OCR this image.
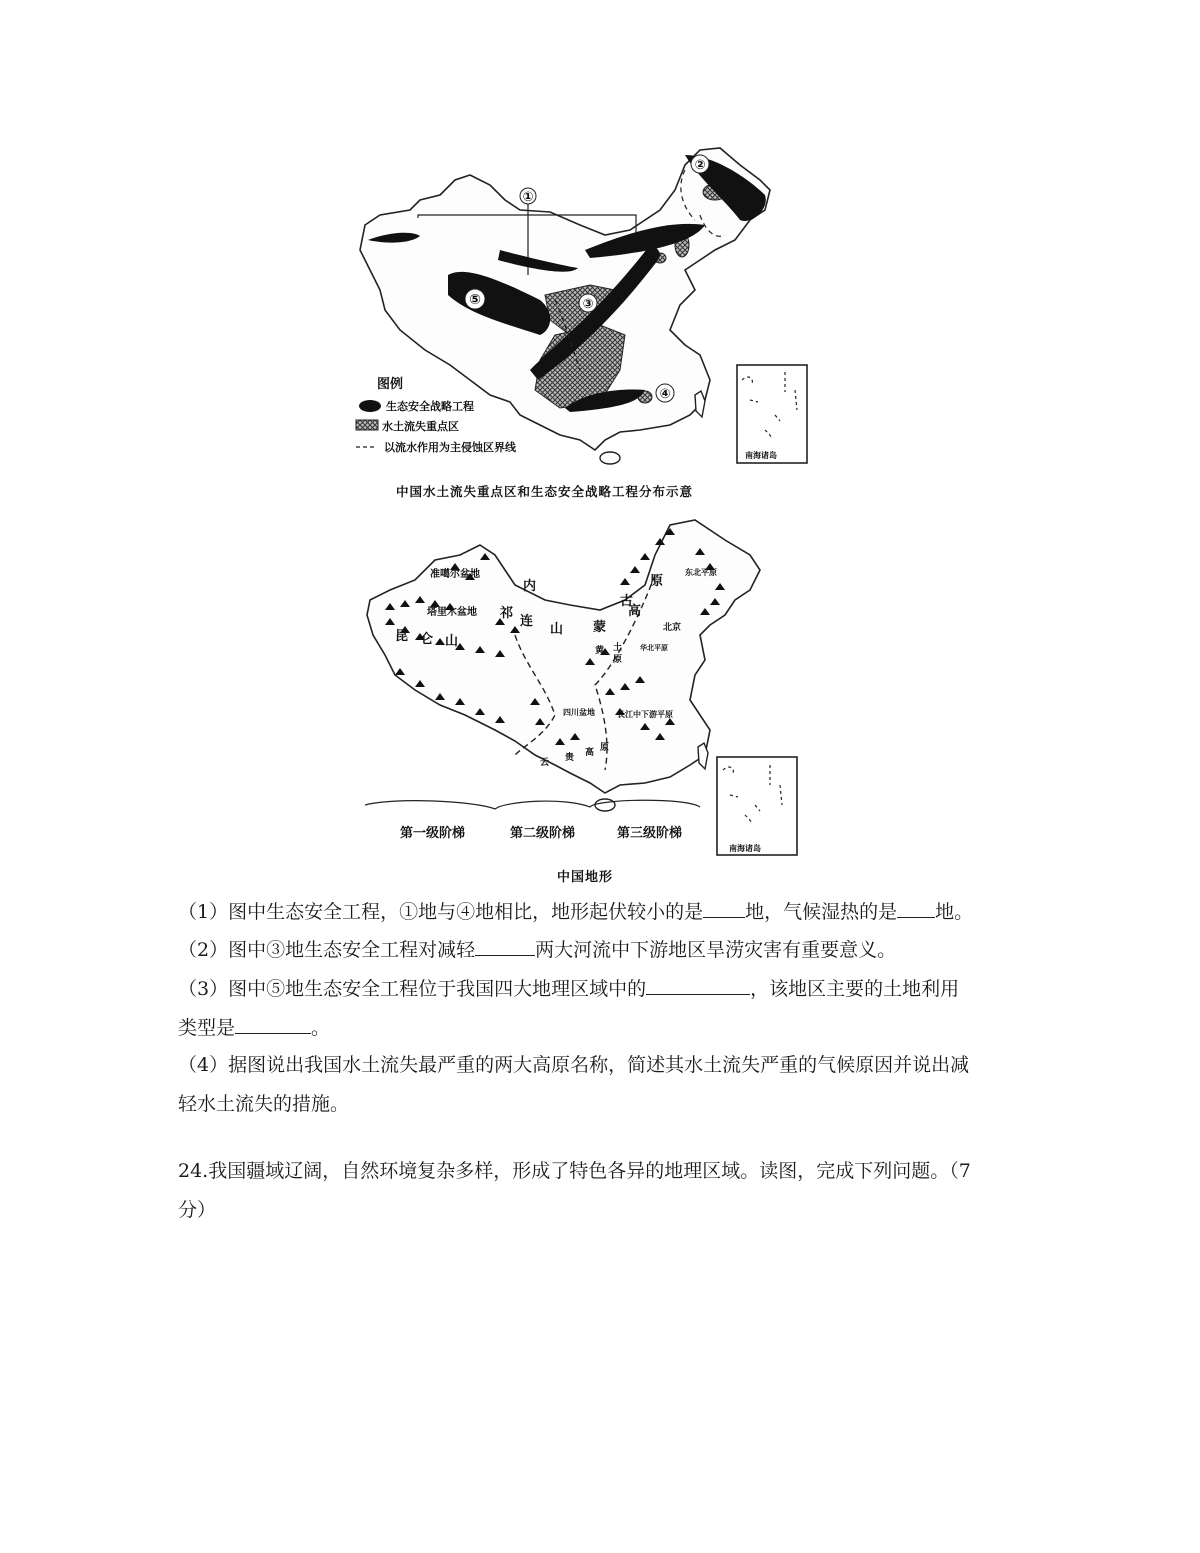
①
②
③
④
⑤
图例
生态安全战略工程
水土流失重点区
以流水作用为主侵蚀区界线
南海诸岛
中国水土流失重点区和生态安全战略工程分布示意
准噶尔盆地
塔里木盆地
昆 仑 山
祁
连
山
内
蒙
古
高
原
东北平原
北京
黄 土
原
华北平原
四川盆地	长江中下游平原
云 贵 高 原
第一级阶梯	第二级阶梯	第三级阶梯
南海诸岛
中国地形
（1）图中生态安全工程，①地与④地相比，地形起伏较小的是 地，气候湿热的是 地。
（2）图中③地生态安全工程对减轻	两大河流中下游地区旱涝灾害有重要意义。
（3）图中⑤地生态安全工程位于我国四大地理区域中的	，该地区主要的土地利用
类型是	。
（4）据图说出我国水土流失最严重的两大高原名称，简述其水土流失严重的气候原因并说出减
轻水土流失的措施。
24.我国疆域辽阔，自然环境复杂多样，形成了特色各异的地理区域。读图，完成下列问题。（7
分）
